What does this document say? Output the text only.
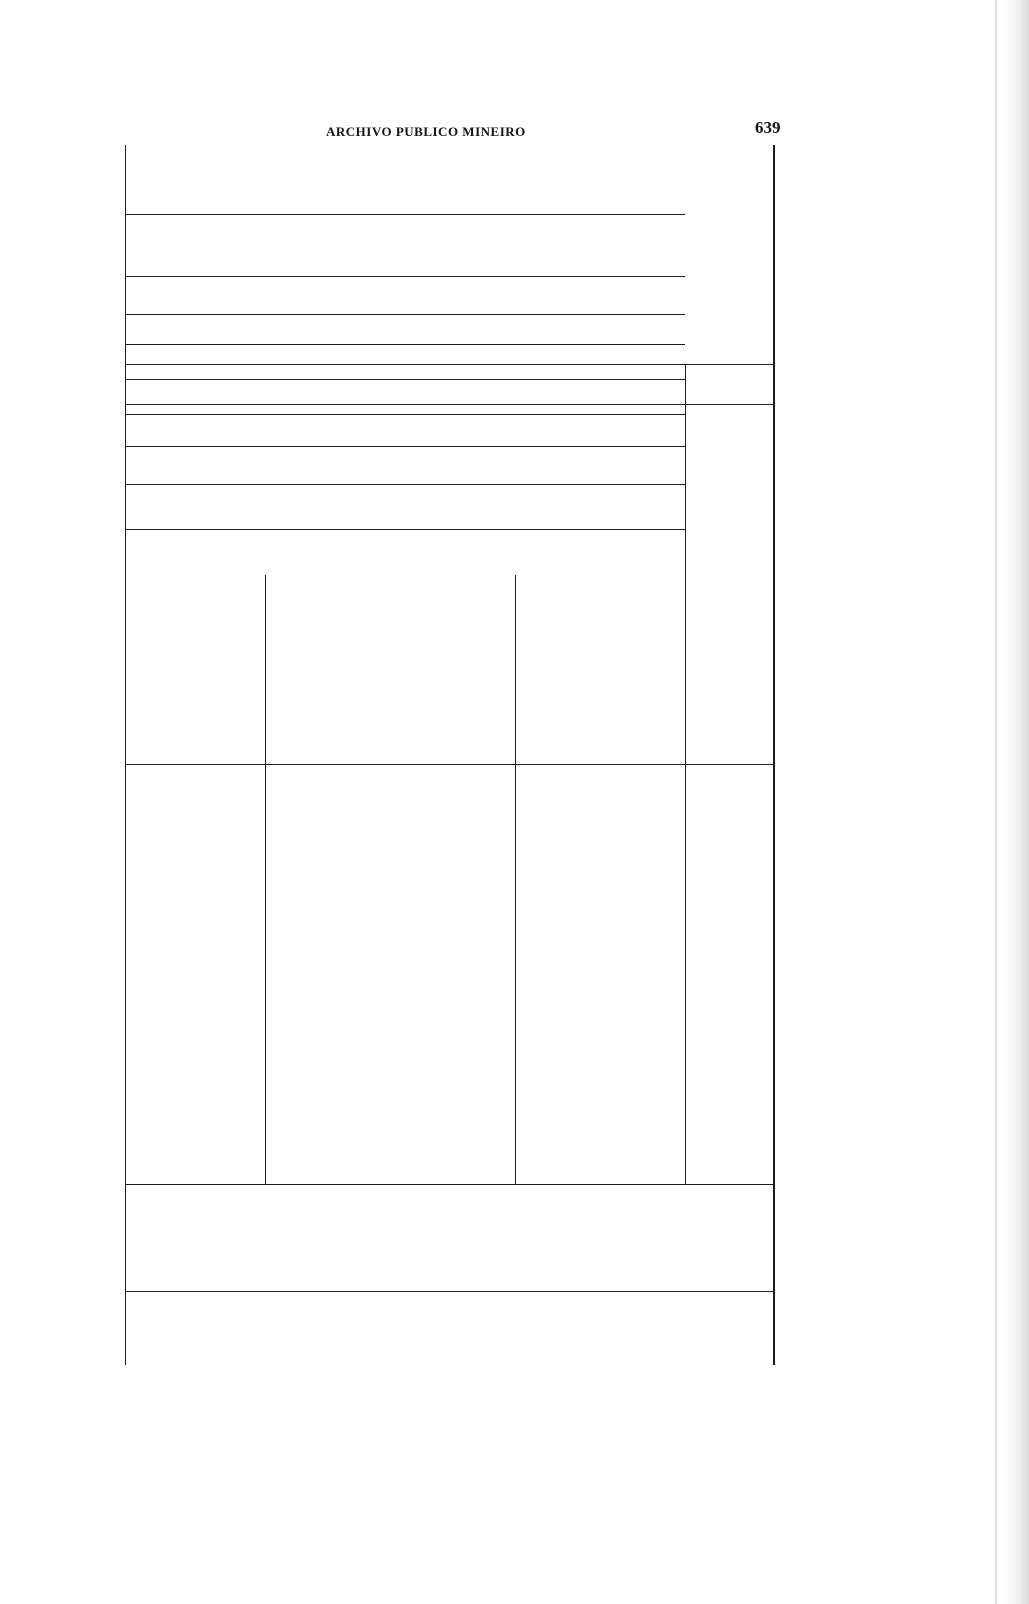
ARCHIVO PUBLICO MINEIRO	639
